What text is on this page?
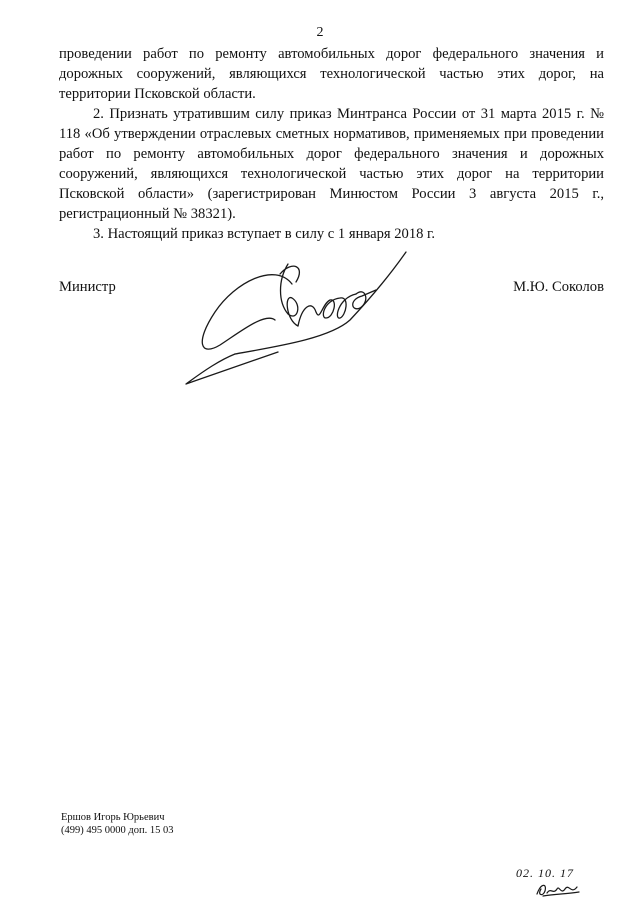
2

проведении работ по ремонту автомобильных дорог федерального значения и дорожных сооружений, являющихся технологической частью этих дорог, на территории Псковской области.

2. Признать утратившим силу приказ Минтранса России от 31 марта 2015 г. № 118 «Об утверждении отраслевых сметных нормативов, применяемых при проведении работ по ремонту автомобильных дорог федерального значения и дорожных сооружений, являющихся технологической частью этих дорог на территории Псковской области» (зарегистрирован Минюстом России 3 августа 2015 г., регистрационный № 38321).

3. Настоящий приказ вступает в силу с 1 января 2018 г.

Министр	М.Ю. Соколов
Ершов Игорь Юрьевич
(499) 495 0000 доп. 15 03
02. 10. 17
